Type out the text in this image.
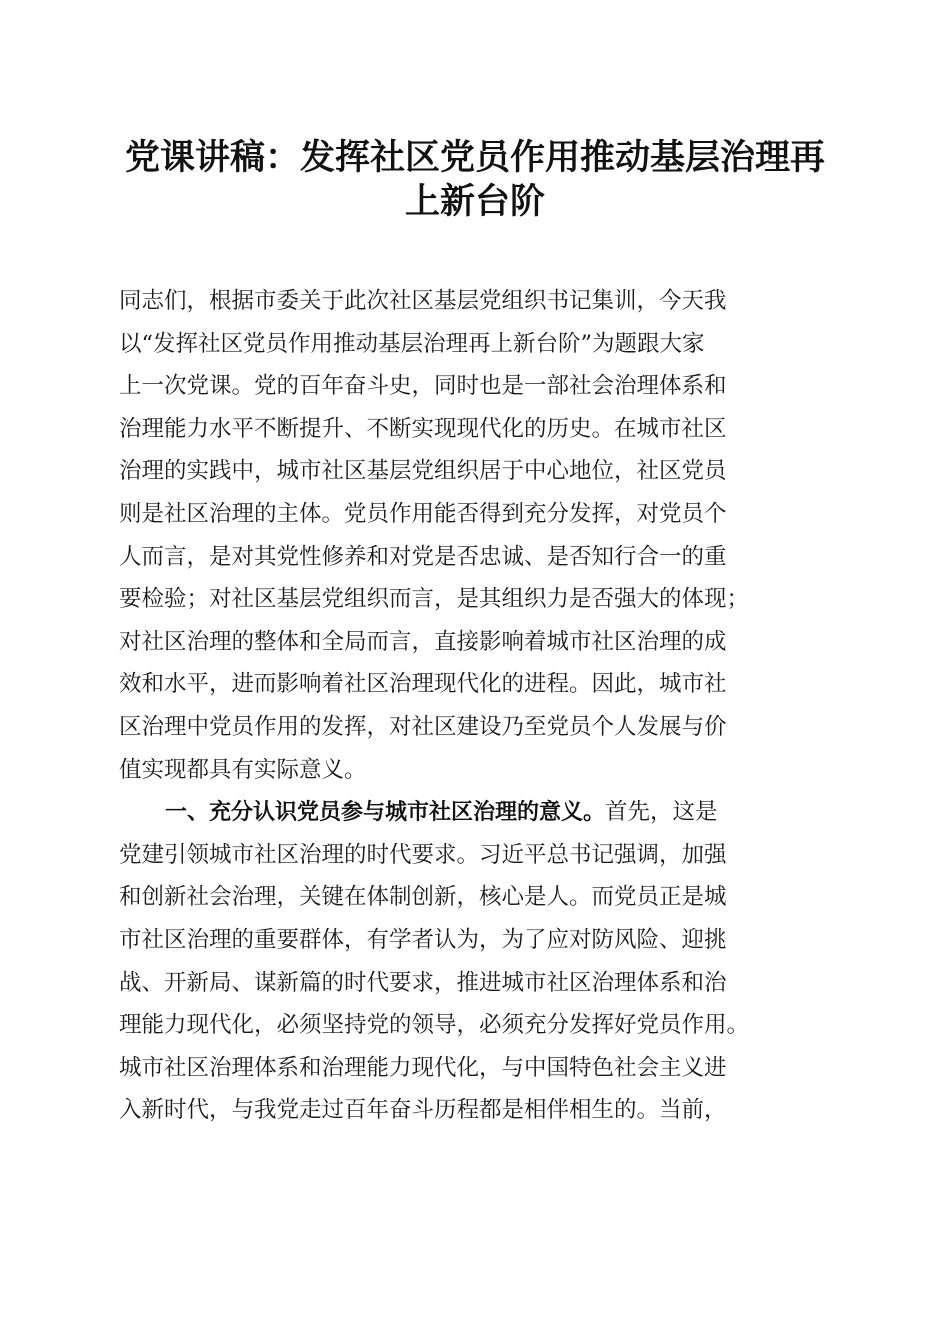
党课讲稿：发挥社区党员作用推动基层治理再
上新台阶
同志们，根据市委关于此次社区基层党组织书记集训，今天我
以“发挥社区党员作用推动基层治理再上新台阶”为题跟大家
上一次党课。党的百年奋斗史，同时也是一部社会治理体系和
治理能力水平不断提升、不断实现现代化的历史。在城市社区
治理的实践中，城市社区基层党组织居于中心地位，社区党员
则是社区治理的主体。党员作用能否得到充分发挥，对党员个
人而言，是对其党性修养和对党是否忠诚、是否知行合一的重
要检验；对社区基层党组织而言，是其组织力是否强大的体现；
对社区治理的整体和全局而言，直接影响着城市社区治理的成
效和水平，进而影响着社区治理现代化的进程。因此，城市社
区治理中党员作用的发挥，对社区建设乃至党员个人发展与价
值实现都具有实际意义。
一、充分认识党员参与城市社区治理的意义。首先，这是
党建引领城市社区治理的时代要求。习近平总书记强调，加强
和创新社会治理，关键在体制创新，核心是人。而党员正是城
市社区治理的重要群体，有学者认为，为了应对防风险、迎挑
战、开新局、谋新篇的时代要求，推进城市社区治理体系和治
理能力现代化，必须坚持党的领导，必须充分发挥好党员作用。
城市社区治理体系和治理能力现代化，与中国特色社会主义进
入新时代，与我党走过百年奋斗历程都是相伴相生的。当前，
